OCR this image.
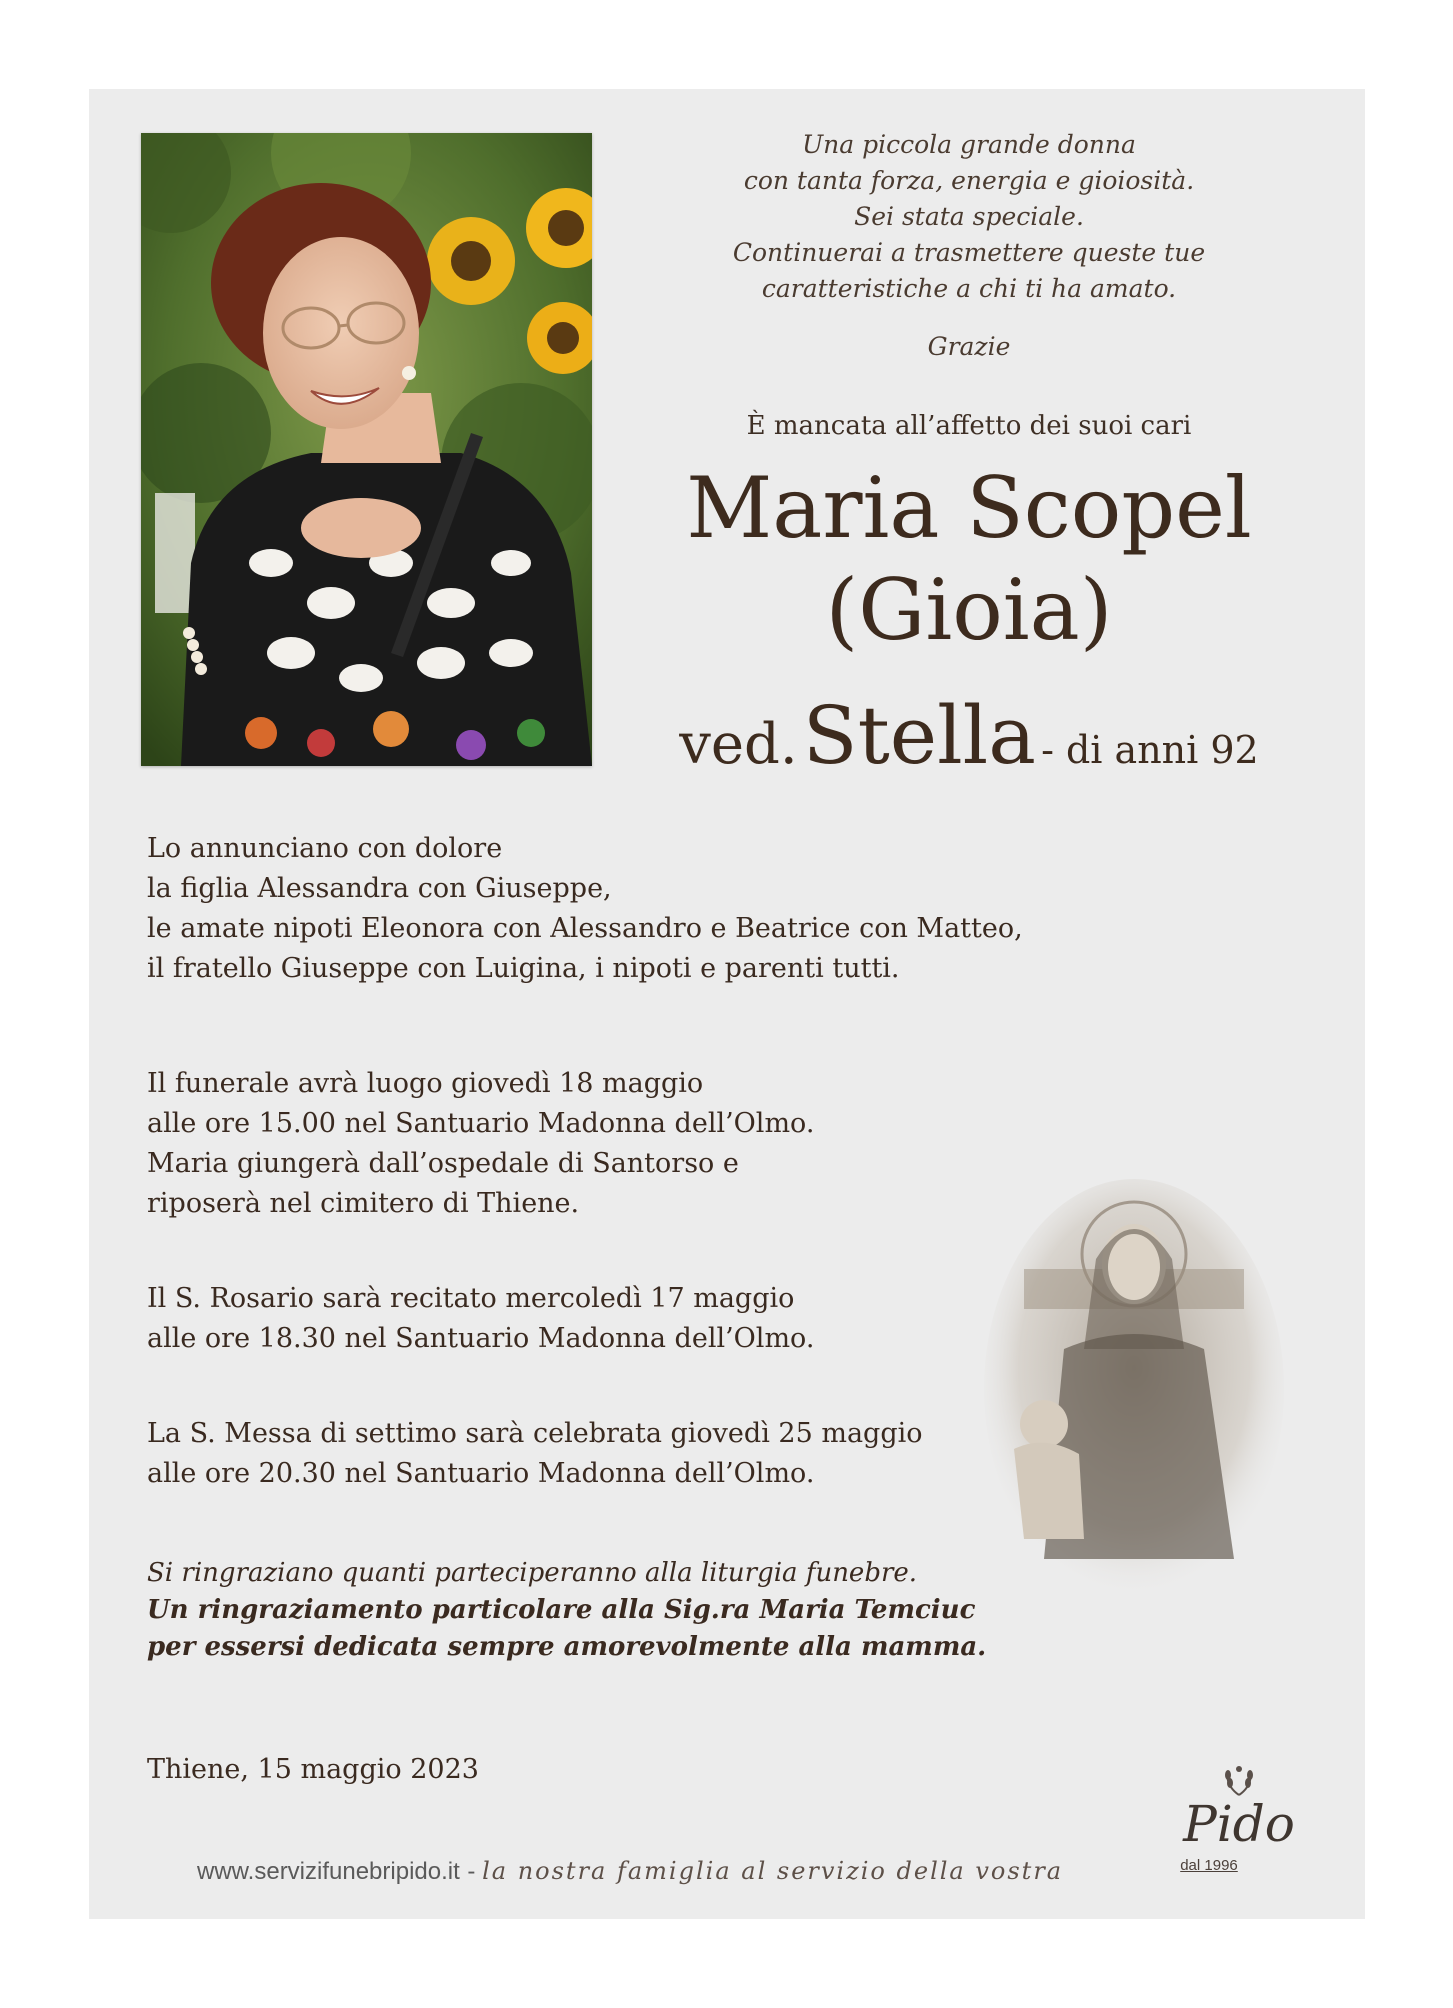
Una piccola grande donna
con tanta forza, energia e gioiosità.
Sei stata speciale.
Continuerai a trasmettere queste tue
caratteristiche a chi ti ha amato.
Grazie
È mancata all’affetto dei suoi cari
Maria Scopel
(Gioia)
ved. Stella - di anni 92
Lo annunciano con dolore
la figlia Alessandra con Giuseppe,
le amate nipoti Eleonora con Alessandro e Beatrice con Matteo,
il fratello Giuseppe con Luigina, i nipoti e parenti tutti.
Il funerale avrà luogo giovedì 18 maggio
alle ore 15.00 nel Santuario Madonna dell’Olmo.
Maria giungerà dall’ospedale di Santorso e
riposerà nel cimitero di Thiene.
Il S. Rosario sarà recitato mercoledì 17 maggio
alle ore 18.30 nel Santuario Madonna dell’Olmo.
La S. Messa di settimo sarà celebrata giovedì 25 maggio
alle ore 20.30 nel Santuario Madonna dell’Olmo.
Si ringraziano quanti parteciperanno alla liturgia funebre.
Un ringraziamento particolare alla Sig.ra Maria Temciuc
per essersi dedicata sempre amorevolmente alla mamma.
Thiene, 15 maggio 2023
www.servizifunebripido.it - la nostra famiglia al servizio della vostra
Pido
dal 1996
